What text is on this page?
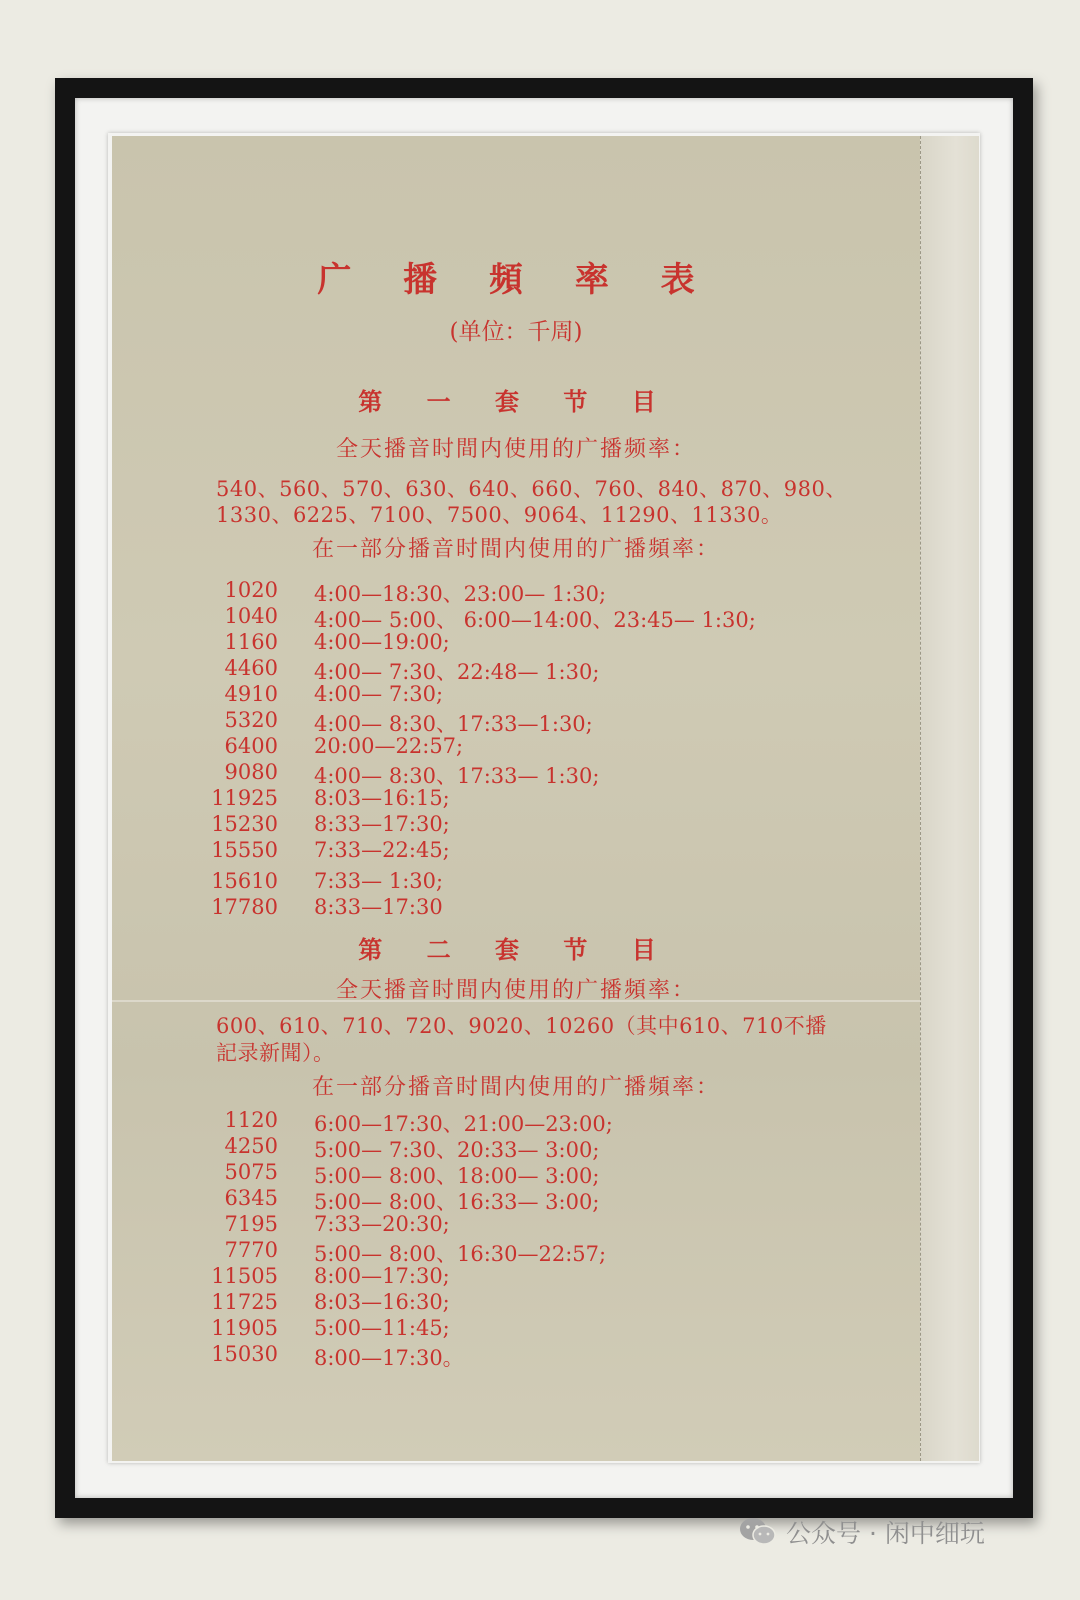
广 播 頻 率 表
(单位：千周)
第 一 套 节 目
全天播音时間内使用的广播频率：
540、560、570、630、640、660、760、840、870、980、
1330、6225、7100、7500、9064、11290、11330。
在一部分播音时間内使用的广播頻率：
1020 4:00—18:30、23:00— 1:30;
1040 4:00— 5:00、 6:00—14:00、23:45— 1:30;
1160 4:00—19:00;
4460 4:00— 7:30、22:48— 1:30;
4910 4:00— 7:30;
5320 4:00— 8:30、17:33—1:30;
6400 20:00—22:57;
9080 4:00— 8:30、17:33— 1:30;
11925 8:03—16:15;
15230 8:33—17:30;
15550 7:33—22:45;
15610 7:33— 1:30;
17780 8:33—17:30
第 二 套 节 目
全天播音时間内使用的广播頻率：
600、610、710、720、9020、10260（其中610、710不播
記录新聞）。
在一部分播音时間内使用的广播頻率：
1120 6:00—17:30、21:00—23:00;
4250 5:00— 7:30、20:33— 3:00;
5075 5:00— 8:00、18:00— 3:00;
6345 5:00— 8:00、16:33— 3:00;
7195 7:33—20:30;
7770 5:00— 8:00、16:30—22:57;
11505 8:00—17:30;
11725 8:03—16:30;
11905 5:00—11:45;
15030 8:00—17:30。
公众号 · 闲中细玩
